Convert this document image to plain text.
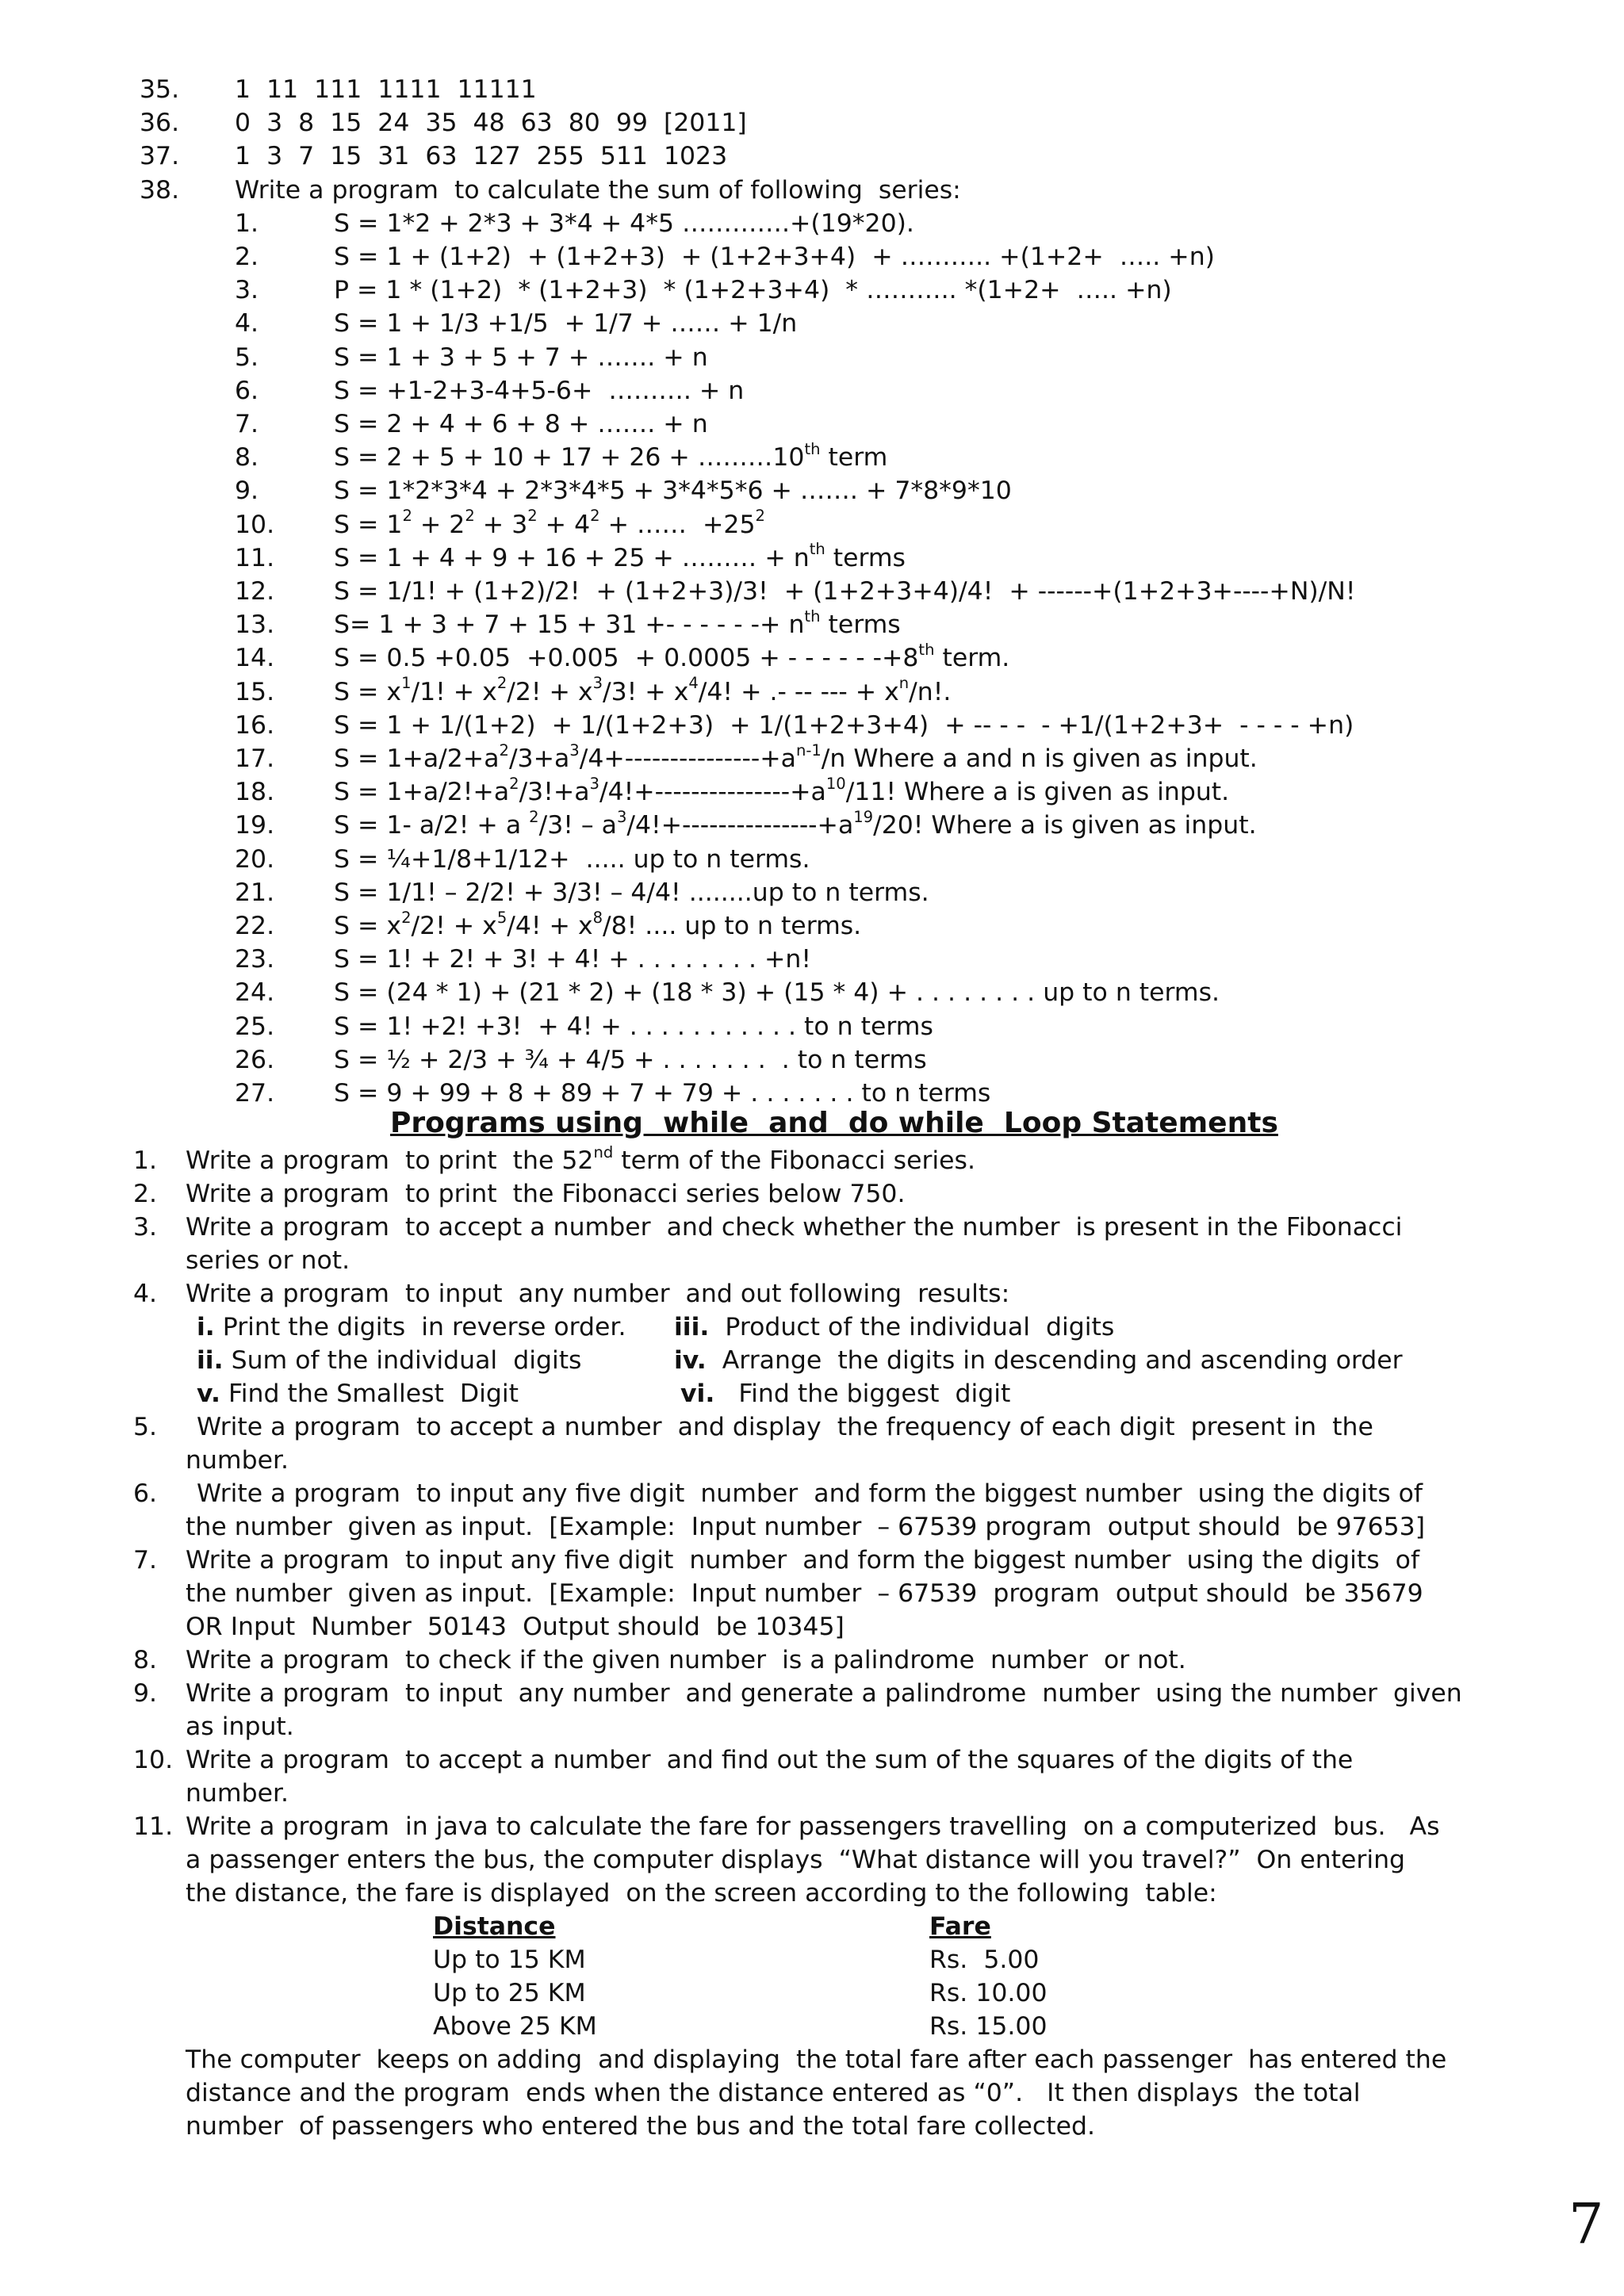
35. 1  11  111  1111  11111
36. 0  3  8  15  24  35  48  63  80  99  [2011]
37. 1  3  7  15  31  63  127  255  511  1023
38. Write a program  to calculate the sum of following  series:
1.	S = 1*2 + 2*3 + 3*4 + 4*5 ………….+(19*20).
2.	S = 1 + (1+2)  + (1+2+3)  + (1+2+3+4)  + ……….. +(1+2+  ….. +n)
3.	P = 1 * (1+2)  * (1+2+3)  * (1+2+3+4)  * ……….. *(1+2+  ….. +n)
4.	S = 1 + 1/3 +1/5  + 1/7 + …… + 1/n
5.	S = 1 + 3 + 5 + 7 + ……. + n
6.	S = +1-2+3-4+5-6+  ………. + n
7.	S = 2 + 4 + 6 + 8 + ……. + n
8.	S = 2 + 5 + 10 + 17 + 26 + ………10th term
9.	S = 1*2*3*4 + 2*3*4*5 + 3*4*5*6 + ……. + 7*8*9*10
10. $S = 1^2 + 2^2 + 3^2 + 4^2$ + ……  $+25^2$
11. S = 1 + 4 + 9 + 16 + 25 + ……… + $n^{th}$ terms
12. S = 1/1! + (1+2)/2!  + (1+2+3)/3!  + (1+2+3+4)/4!  + ------+(1+2+3+----+N)/N!
13. S= 1 + 3 + 7 + 15 + 31 +- - - - - -+ $n^{th}$ terms
14. S = 0.5 +0.05  +0.005  + 0.0005 + - - - - - -+8th term.
15. $S = x^1/1$! + $x^2/2$! + $x^3/3$! + $x^4/4$! + .- -- --- + $x^n/n$!.
16. S = 1 + 1/(1+2)  + 1/(1+2+3)  + 1/(1+2+3+4)  + -- - -  - +1/(1+2+3+  - - - - +n)
17. $S = 1+a/2+a^2/3+a^3/4+---------------+a^{n-1}/n$ Where a and n is given as input.
18. $S = 1+a/2!+a^2/3!+a^3/4!+---------------+a^{10}/11$! Where a is given as input.
19. S = 1- a/2! + a $^2$/3! – $a^3/4!+---------------+a^{19}/20$! Where a is given as input.
20. S = ¼+1/8+1/12+  ..... up to n terms.
21. S = 1/1! – 2/2! + 3/3! – 4/4! ........up to n terms.
22. $S = x^2/2$! + $x^5/4$! + $x^8/8$! .... up to n terms.
23. S = 1! + 2! + 3! + 4! + . . . . . . . . +n!
24. S = (24 * 1) + (21 * 2) + (18 * 3) + (15 * 4) + . . . . . . . . up to n terms.
25. S = 1! +2! +3!  + 4! + . . . . . . . . . . . to n terms
26. S = ½ + 2/3 + ¾ + 4/5 + . . . . . . .  . to n terms
27. S = 9 + 99 + 8 + 89 + 7 + 79 + . . . . . . . to n terms
Programs using  while  and  do while  Loop Statements
1. Write a program  to print  the 52nd term of the Fibonacci series.
2. Write a program  to print  the Fibonacci series below 750.
3. Write a program  to accept a number  and check whether the number  is present in the Fibonacci
series or not.
4. Write a program  to input  any number  and out following  results:
i. Print the digits  in reverse order. iii.  Product of the individual  digits
ii. Sum of the individual  digits iv.  Arrange  the digits in descending and ascending order
v. Find the Smallest  Digit	vi.   Find the biggest  digit
5. Write a program  to accept a number  and display  the frequency of each digit  present in  the
number.
6. Write a program  to input any five digit  number  and form the biggest number  using the digits of
the number  given as input.  [Example:  Input number  – 67539 program  output should  be 97653]
7. Write a program  to input any five digit  number  and form the biggest number  using the digits  of
the number  given as input.  [Example:  Input number  – 67539  program  output should  be 35679
OR Input  Number  50143  Output should  be 10345]
8. Write a program  to check if the given number  is a palindrome  number  or not.
9. Write a program  to input  any number  and generate a palindrome  number  using the number  given
as input.
10. Write a program  to accept a number  and find out the sum of the squares of the digits of the
number.
11. Write a program  in java to calculate the fare for passengers travelling  on a computerized  bus.   As
a passenger enters the bus, the computer displays  “What distance will you travel?”  On entering
the distance, the fare is displayed  on the screen according to the following  table:
Distance	Fare
Up to 15 KM	Rs.  5.00
Up to 25 KM	Rs. 10.00
Above 25 KM	Rs. 15.00
The computer  keeps on adding  and displaying  the total fare after each passenger  has entered the
distance and the program  ends when the distance entered as “0”.   It then displays  the total
number  of passengers who entered the bus and the total fare collected.
7
